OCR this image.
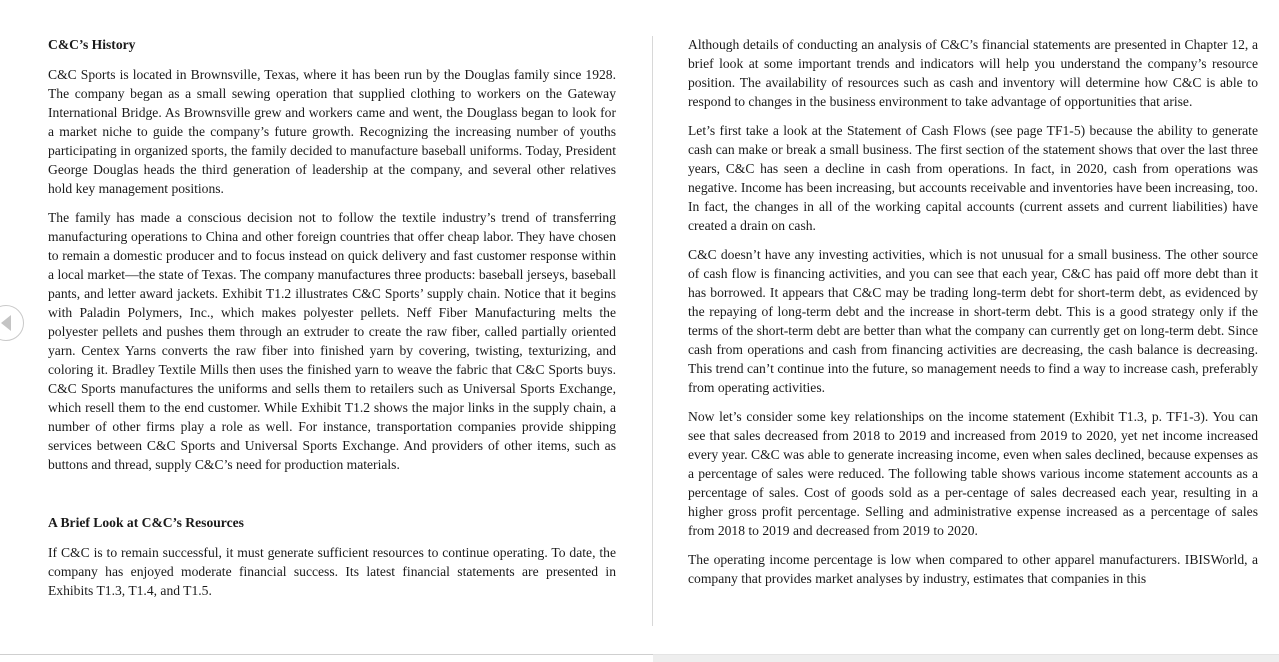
C&C’s History

C&C Sports is located in Brownsville, Texas, where it has been run by the Douglas family since 1928. The company began as a small sewing operation that supplied clothing to workers on the Gateway International Bridge. As Brownsville grew and workers came and went, the Douglass began to look for a market niche to guide the company’s future growth. Recognizing the increasing number of youths participating in organized sports, the family decided to manufacture baseball uniforms. Today, President George Douglas heads the third generation of leadership at the company, and several other relatives hold key management positions.

The family has made a conscious decision not to follow the textile industry’s trend of transferring manufacturing operations to China and other foreign countries that offer cheap labor. They have chosen to remain a domestic producer and to focus instead on quick delivery and fast customer response within a local market—the state of Texas. The company manufactures three products: baseball jerseys, baseball pants, and letter award jackets. Exhibit T1.2 illustrates C&C Sports’ supply chain. Notice that it begins with Paladin Polymers, Inc., which makes polyester pellets. Neff Fiber Manufacturing melts the polyester pellets and pushes them through an extruder to create the raw fiber, called partially oriented yarn. Centex Yarns converts the raw fiber into finished yarn by covering, twisting, texturizing, and coloring it. Bradley Textile Mills then uses the finished yarn to weave the fabric that C&C Sports buys. C&C Sports manufactures the uniforms and sells them to retailers such as Universal Sports Exchange, which resell them to the end customer. While Exhibit T1.2 shows the major links in the supply chain, a number of other firms play a role as well. For instance, transportation companies provide shipping services between C&C Sports and Universal Sports Exchange. And providers of other items, such as buttons and thread, supply C&C’s need for production materials.

A Brief Look at C&C’s Resources

If C&C is to remain successful, it must generate sufficient resources to continue operating. To date, the company has enjoyed moderate financial success. Its latest financial statements are presented in Exhibits T1.3, T1.4, and T1.5.

Although details of conducting an analysis of C&C’s financial statements are presented in Chapter 12, a brief look at some important trends and indicators will help you understand the company’s resource position. The availability of resources such as cash and inventory will determine how C&C is able to respond to changes in the business environment to take advantage of opportunities that arise.

Let’s first take a look at the Statement of Cash Flows (see page TF1-5) because the ability to generate cash can make or break a small business. The first section of the statement shows that over the last three years, C&C has seen a decline in cash from operations. In fact, in 2020, cash from operations was negative. Income has been increasing, but accounts receivable and inventories have been increasing, too. In fact, the changes in all of the working capital accounts (current assets and current liabilities) have created a drain on cash.

C&C doesn’t have any investing activities, which is not unusual for a small business. The other source of cash flow is financing activities, and you can see that each year, C&C has paid off more debt than it has borrowed. It appears that C&C may be trading long-term debt for short-term debt, as evidenced by the repaying of long-term debt and the increase in short-term debt. This is a good strategy only if the terms of the short-term debt are better than what the company can currently get on long-term debt. Since cash from operations and cash from financing activities are decreasing, the cash balance is decreasing. This trend can’t continue into the future, so management needs to find a way to increase cash, preferably from operating activities.

Now let’s consider some key relationships on the income statement (Exhibit T1.3, p. TF1-3). You can see that sales decreased from 2018 to 2019 and increased from 2019 to 2020, yet net income increased every year. C&C was able to generate increasing income, even when sales declined, because expenses as a percentage of sales were reduced. The following table shows various income statement accounts as a percentage of sales. Cost of goods sold as a per-centage of sales decreased each year, resulting in a higher gross profit percentage. Selling and administrative expense increased as a percentage of sales from 2018 to 2019 and decreased from 2019 to 2020.

The operating income percentage is low when compared to other apparel manufacturers. IBISWorld, a company that provides market analyses by industry, estimates that companies in this
